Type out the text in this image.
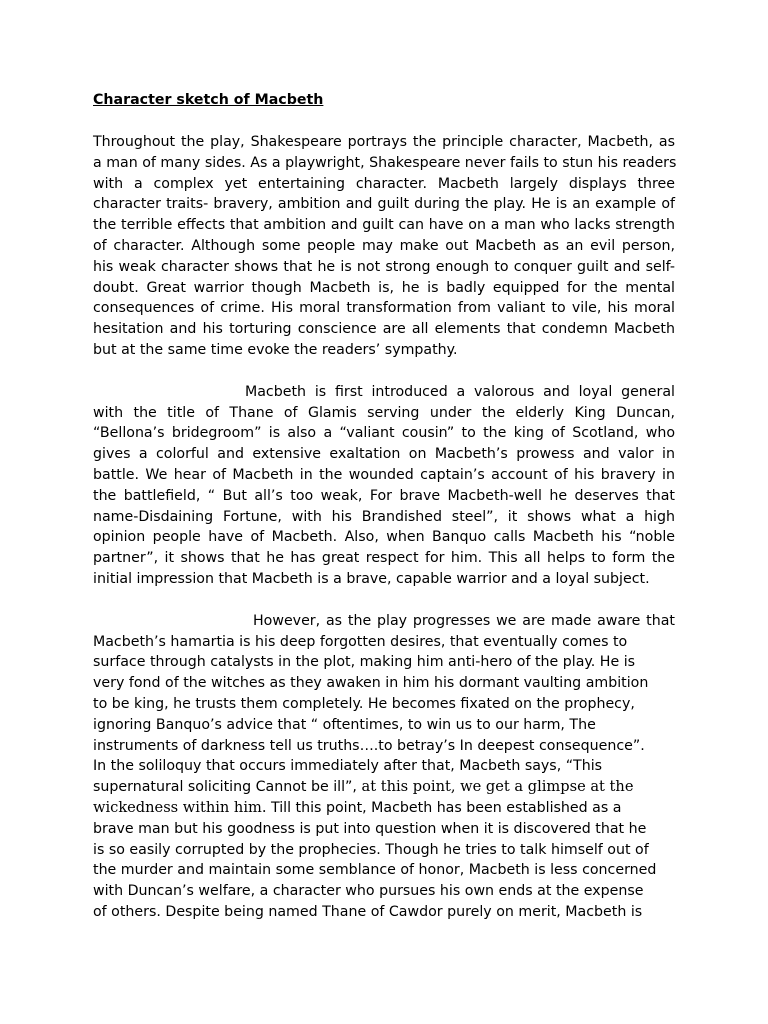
Character sketch of Macbeth

Throughout the play, Shakespeare portrays the principle character, Macbeth, as
a man of many sides. As a playwright, Shakespeare never fails to stun his readers
with a complex yet entertaining character. Macbeth largely displays three
character traits- bravery, ambition and guilt during the play. He is an example of
the terrible effects that ambition and guilt can have on a man who lacks strength
of character. Although some people may make out Macbeth as an evil person,
his weak character shows that he is not strong enough to conquer guilt and self-
doubt. Great warrior though Macbeth is, he is badly equipped for the mental
consequences of crime. His moral transformation from valiant to vile, his moral
hesitation and his torturing conscience are all elements that condemn Macbeth
but at the same time evoke the readers’ sympathy.
Macbeth is first introduced a valorous and loyal general
with the title of Thane of Glamis serving under the elderly King Duncan,
“Bellona’s bridegroom” is also a “valiant cousin” to the king of Scotland, who
gives a colorful and extensive exaltation on Macbeth’s prowess and valor in
battle. We hear of Macbeth in the wounded captain’s account of his bravery in
the battlefield, “ But all’s too weak, For brave Macbeth-well he deserves that
name-Disdaining Fortune, with his Brandished steel”, it shows what a high
opinion people have of Macbeth. Also, when Banquo calls Macbeth his “noble
partner”, it shows that he has great respect for him. This all helps to form the
initial impression that Macbeth is a brave, capable warrior and a loyal subject.
However, as the play progresses we are made aware that
Macbeth’s hamartia is his deep forgotten desires, that eventually comes to
surface through catalysts in the plot, making him anti-hero of the play. He is
very fond of the witches as they awaken in him his dormant vaulting ambition
to be king, he trusts them completely. He becomes fixated on the prophecy,
ignoring Banquo’s advice that “ oftentimes, to win us to our harm, The
instruments of darkness tell us truths….to betray’s In deepest consequence”.
In the soliloquy that occurs immediately after that, Macbeth says, “This
supernatural soliciting Cannot be ill”, at this point, we get a glimpse at the
wickedness within him. Till this point, Macbeth has been established as a
brave man but his goodness is put into question when it is discovered that he
is so easily corrupted by the prophecies. Though he tries to talk himself out of
the murder and maintain some semblance of honor, Macbeth is less concerned
with Duncan’s welfare, a character who pursues his own ends at the expense
of others. Despite being named Thane of Cawdor purely on merit, Macbeth is
